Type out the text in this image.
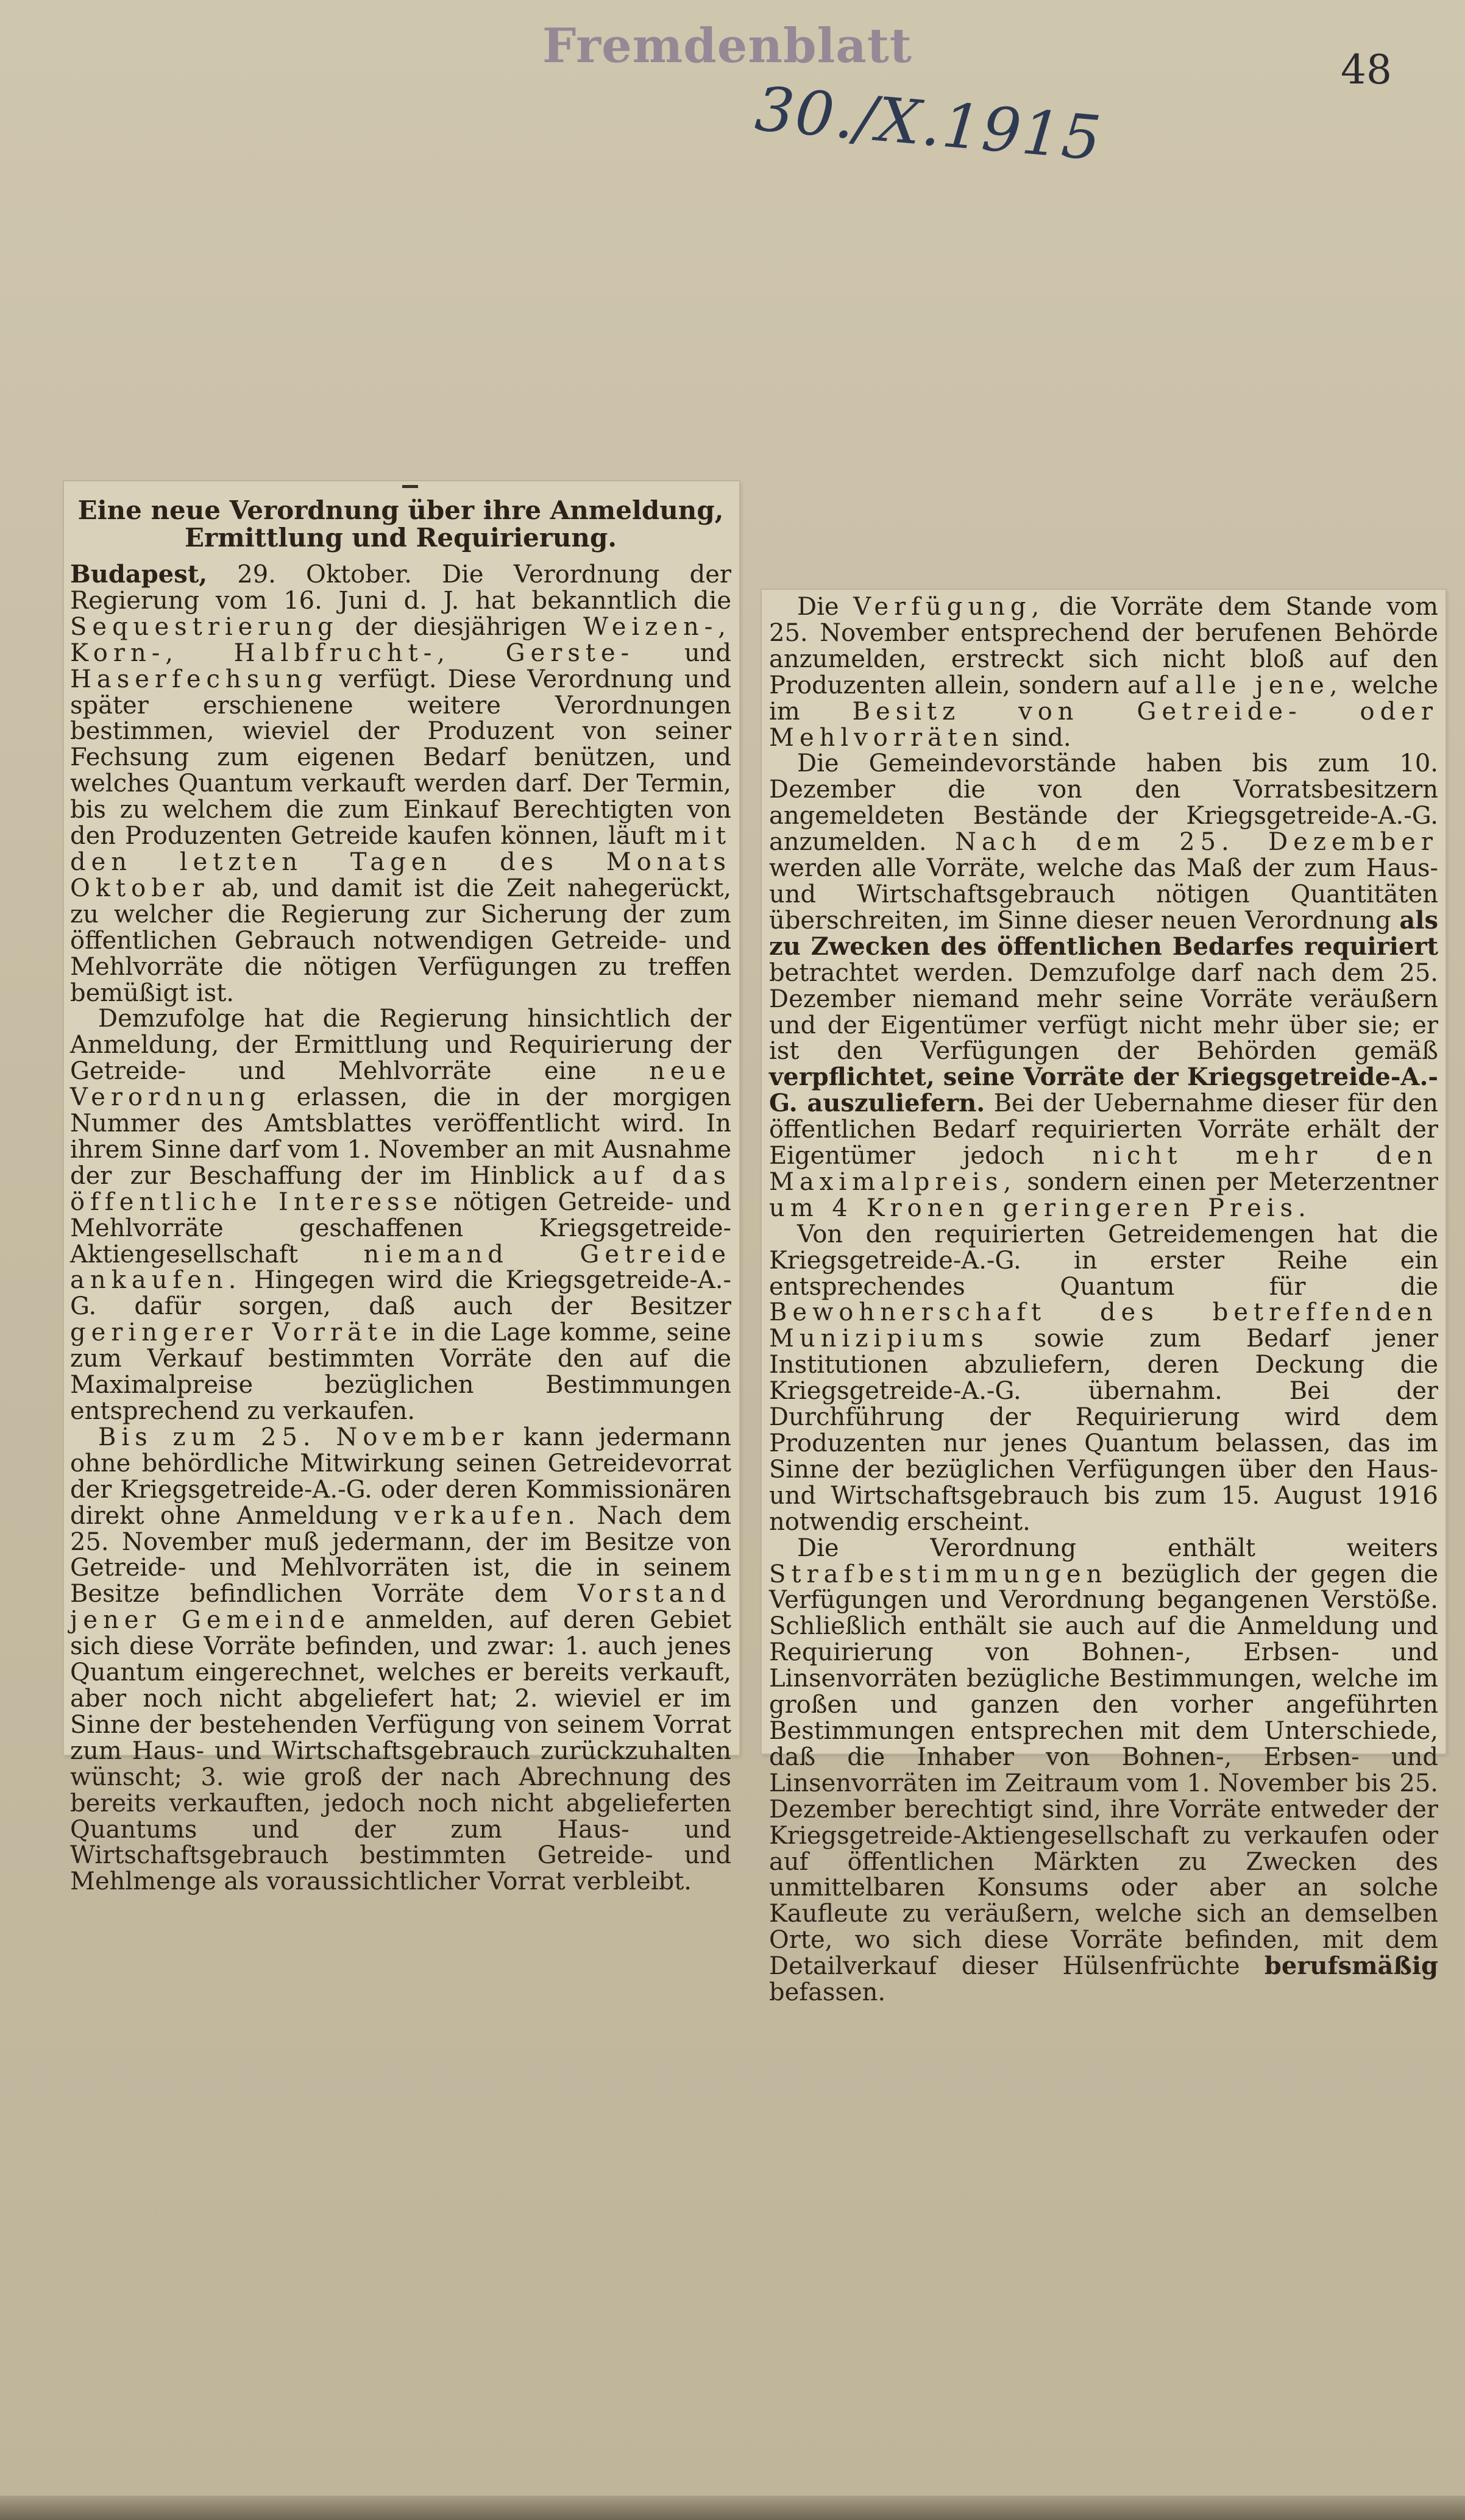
Fremdenblatt	48
30./X.1915
Eine neue Verordnung über ihre Anmeldung, Ermittlung und Requirierung.

Budapest, 29. Oktober. Die Verordnung der Regierung vom 16. Juni d. J. hat bekanntlich die Sequestrierung der diesjährigen Weizen-, Korn-, Halbfrucht-, Gerste- und Haserfechsung verfügt. Diese Verordnung und später erschienene weitere Verordnungen bestimmen, wieviel der Produzent von seiner Fechsung zum eigenen Bedarf benützen, und welches Quantum verkauft werden darf. Der Termin, bis zu welchem die zum Einkauf Berechtigten von den Produzenten Getreide kaufen können, läuft mit den letzten Tagen des Monats Oktober ab, und damit ist die Zeit nahegerückt, zu welcher die Regierung zur Sicherung der zum öffentlichen Gebrauch notwendigen Getreide- und Mehlvorräte die nötigen Verfügungen zu treffen bemüßigt ist.

Demzufolge hat die Regierung hinsichtlich der Anmeldung, der Ermittlung und Requirierung der Getreide- und Mehlvorräte eine neue Verordnung erlassen, die in der morgigen Nummer des Amtsblattes veröffentlicht wird. In ihrem Sinne darf vom 1. November an mit Ausnahme der zur Beschaffung der im Hinblick auf das öffentliche Interesse nötigen Getreide- und Mehlvorräte geschaffenen Kriegsgetreide-Aktiengesellschaft niemand Getreide ankaufen. Hingegen wird die Kriegsgetreide-A.-G. dafür sorgen, daß auch der Besitzer geringerer Vorräte in die Lage komme, seine zum Verkauf bestimmten Vorräte den auf die Maximalpreise bezüglichen Bestimmungen entsprechend zu verkaufen.

Bis zum 25. November kann jedermann ohne behördliche Mitwirkung seinen Getreidevorrat der Kriegsgetreide-A.-G. oder deren Kommissionären direkt ohne Anmeldung verkaufen. Nach dem 25. November muß jedermann, der im Besitze von Getreide- und Mehlvorräten ist, die in seinem Besitze befindlichen Vorräte dem Vorstand jener Gemeinde anmelden, auf deren Gebiet sich diese Vorräte befinden, und zwar: 1. auch jenes Quantum eingerechnet, welches er bereits verkauft, aber noch nicht abgeliefert hat; 2. wieviel er im Sinne der bestehenden Verfügung von seinem Vorrat zum Haus- und Wirtschaftsgebrauch zurückzuhalten wünscht; 3. wie groß der nach Abrechnung des bereits verkauften, jedoch noch nicht abgelieferten Quantums und der zum Haus- und Wirtschaftsgebrauch bestimmten Getreide- und Mehlmenge als voraussichtlicher Vorrat verbleibt.

Die Verfügung, die Vorräte dem Stande vom 25. November entsprechend der berufenen Behörde anzumelden, erstreckt sich nicht bloß auf den Produzenten allein, sondern auf alle jene, welche im Besitz von Getreide- oder Mehlvorräten sind.

Die Gemeindevorstände haben bis zum 10. Dezember die von den Vorratsbesitzern angemeldeten Bestände der Kriegsgetreide-A.-G. anzumelden. Nach dem 25. Dezember werden alle Vorräte, welche das Maß der zum Haus- und Wirtschaftsgebrauch nötigen Quantitäten überschreiten, im Sinne dieser neuen Verordnung als zu Zwecken des öffentlichen Bedarfes requiriert betrachtet werden. Demzufolge darf nach dem 25. Dezember niemand mehr seine Vorräte veräußern und der Eigentümer verfügt nicht mehr über sie; er ist den Verfügungen der Behörden gemäß verpflichtet, seine Vorräte der Kriegsgetreide-A.-G. auszuliefern. Bei der Uebernahme dieser für den öffentlichen Bedarf requirierten Vorräte erhält der Eigentümer jedoch nicht mehr den Maximalpreis, sondern einen per Meterzentner um 4 Kronen geringeren Preis.

Von den requirierten Getreidemengen hat die Kriegsgetreide-A.-G. in erster Reihe ein entsprechendes Quantum für die Bewohnerschaft des betreffenden Munizipiums sowie zum Bedarf jener Institutionen abzuliefern, deren Deckung die Kriegsgetreide-A.-G. übernahm. Bei der Durchführung der Requirierung wird dem Produzenten nur jenes Quantum belassen, das im Sinne der bezüglichen Verfügungen über den Haus- und Wirtschaftsgebrauch bis zum 15. August 1916 notwendig erscheint.

Die Verordnung enthält weiters Strafbestimmungen bezüglich der gegen die Verfügungen und Verordnung begangenen Verstöße. Schließlich enthält sie auch auf die Anmeldung und Requirierung von Bohnen-, Erbsen- und Linsenvorräten bezügliche Bestimmungen, welche im großen und ganzen den vorher angeführten Bestimmungen entsprechen mit dem Unterschiede, daß die Inhaber von Bohnen-, Erbsen- und Linsenvorräten im Zeitraum vom 1. November bis 25. Dezember berechtigt sind, ihre Vorräte entweder der Kriegsgetreide-Aktiengesellschaft zu verkaufen oder auf öffentlichen Märkten zu Zwecken des unmittelbaren Konsums oder aber an solche Kaufleute zu veräußern, welche sich an demselben Orte, wo sich diese Vorräte befinden, mit dem Detailverkauf dieser Hülsenfrüchte berufsmäßig befassen.
